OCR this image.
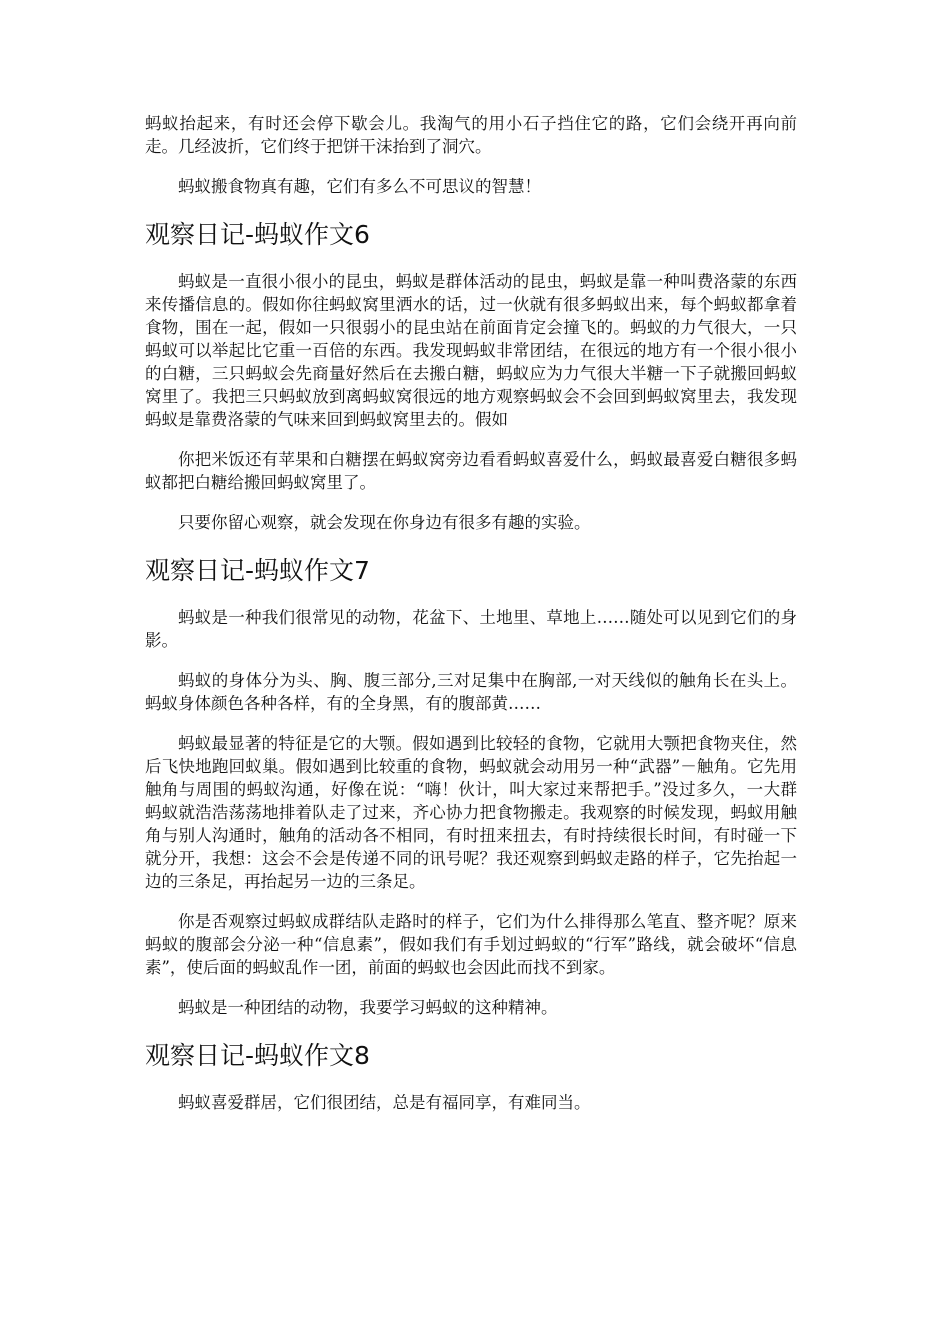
蚂蚁抬起来，有时还会停下歇会儿。我淘气的用小石子挡住它的路，它们会绕开再向前走。几经波折，它们终于把饼干沫抬到了洞穴。

蚂蚁搬食物真有趣，它们有多么不可思议的智慧！

观察日记-蚂蚁作文6

蚂蚁是一直很小很小的昆虫，蚂蚁是群体活动的昆虫，蚂蚁是靠一种叫费洛蒙的东西来传播信息的。假如你往蚂蚁窝里洒水的话，过一伙就有很多蚂蚁出来，每个蚂蚁都拿着食物，围在一起，假如一只很弱小的昆虫站在前面肯定会撞飞的。蚂蚁的力气很大，一只蚂蚁可以举起比它重一百倍的东西。我发现蚂蚁非常团结，在很远的地方有一个很小很小的白糖，三只蚂蚁会先商量好然后在去搬白糖，蚂蚁应为力气很大半糖一下子就搬回蚂蚁窝里了。我把三只蚂蚁放到离蚂蚁窝很远的地方观察蚂蚁会不会回到蚂蚁窝里去，我发现蚂蚁是靠费洛蒙的气味来回到蚂蚁窝里去的。假如

你把米饭还有苹果和白糖摆在蚂蚁窝旁边看看蚂蚁喜爱什么，蚂蚁最喜爱白糖很多蚂蚁都把白糖给搬回蚂蚁窝里了。

只要你留心观察，就会发现在你身边有很多有趣的实验。

观察日记-蚂蚁作文7

蚂蚁是一种我们很常见的动物，花盆下、土地里、草地上……随处可以见到它们的身影。

蚂蚁的身体分为头、胸、腹三部分,三对足集中在胸部,一对天线似的触角长在头上。蚂蚁身体颜色各种各样，有的全身黑，有的腹部黄……

蚂蚁最显著的特征是它的大颚。假如遇到比较轻的食物，它就用大颚把食物夹住，然后飞快地跑回蚁巢。假如遇到比较重的食物，蚂蚁就会动用另一种“武器”－触角。它先用触角与周围的蚂蚁沟通，好像在说：“嗨！伙计，叫大家过来帮把手。”没过多久，一大群蚂蚁就浩浩荡荡地排着队走了过来，齐心协力把食物搬走。我观察的时候发现，蚂蚁用触角与别人沟通时，触角的活动各不相同，有时扭来扭去，有时持续很长时间，有时碰一下就分开，我想：这会不会是传递不同的讯号呢？我还观察到蚂蚁走路的样子，它先抬起一边的三条足，再抬起另一边的三条足。

你是否观察过蚂蚁成群结队走路时的样子，它们为什么排得那么笔直、整齐呢？原来蚂蚁的腹部会分泌一种“信息素”，假如我们有手划过蚂蚁的“行军”路线，就会破坏“信息素”，使后面的蚂蚁乱作一团，前面的蚂蚁也会因此而找不到家。

蚂蚁是一种团结的动物，我要学习蚂蚁的这种精神。

观察日记-蚂蚁作文8

蚂蚁喜爱群居，它们很团结，总是有福同享，有难同当。
